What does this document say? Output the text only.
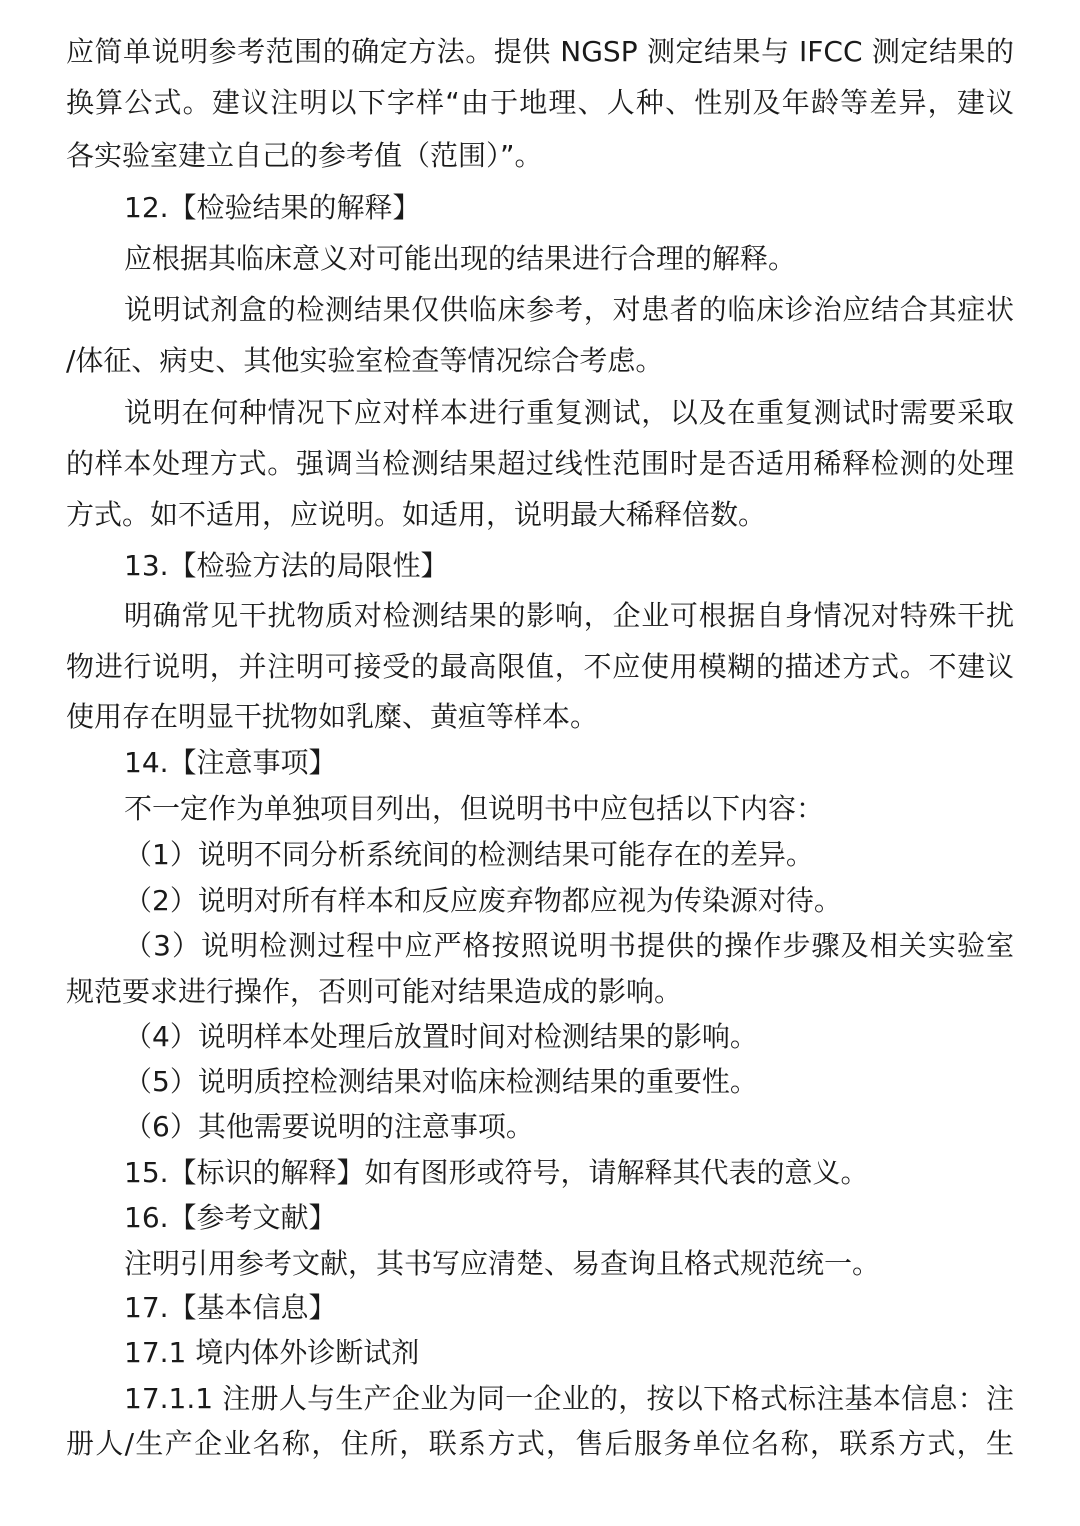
应简单说明参考范围的确定方法。提供 NGSP 测定结果与 IFCC 测定结果的
换算公式。建议注明以下字样“由于地理、人种、性别及年龄等差异，建议
各实验室建立自己的参考值（范围）”。
12.【检验结果的解释】
应根据其临床意义对可能出现的结果进行合理的解释。
说明试剂盒的检测结果仅供临床参考，对患者的临床诊治应结合其症状
/体征、病史、其他实验室检查等情况综合考虑。
说明在何种情况下应对样本进行重复测试，以及在重复测试时需要采取
的样本处理方式。强调当检测结果超过线性范围时是否适用稀释检测的处理
方式。如不适用，应说明。如适用，说明最大稀释倍数。
13.【检验方法的局限性】
明确常见干扰物质对检测结果的影响，企业可根据自身情况对特殊干扰
物进行说明，并注明可接受的最高限值，不应使用模糊的描述方式。不建议
使用存在明显干扰物如乳糜、黄疸等样本。
14.【注意事项】
不一定作为单独项目列出，但说明书中应包括以下内容：
（1）说明不同分析系统间的检测结果可能存在的差异。
（2）说明对所有样本和反应废弃物都应视为传染源对待。
（3）说明检测过程中应严格按照说明书提供的操作步骤及相关实验室
规范要求进行操作，否则可能对结果造成的影响。
（4）说明样本处理后放置时间对检测结果的影响。
（5）说明质控检测结果对临床检测结果的重要性。
（6）其他需要说明的注意事项。
15.【标识的解释】如有图形或符号，请解释其代表的意义。
16.【参考文献】
注明引用参考文献，其书写应清楚、易查询且格式规范统一。
17.【基本信息】
17.1 境内体外诊断试剂
17.1.1 注册人与生产企业为同一企业的，按以下格式标注基本信息：注
册人/生产企业名称，住所，联系方式，售后服务单位名称，联系方式，生
